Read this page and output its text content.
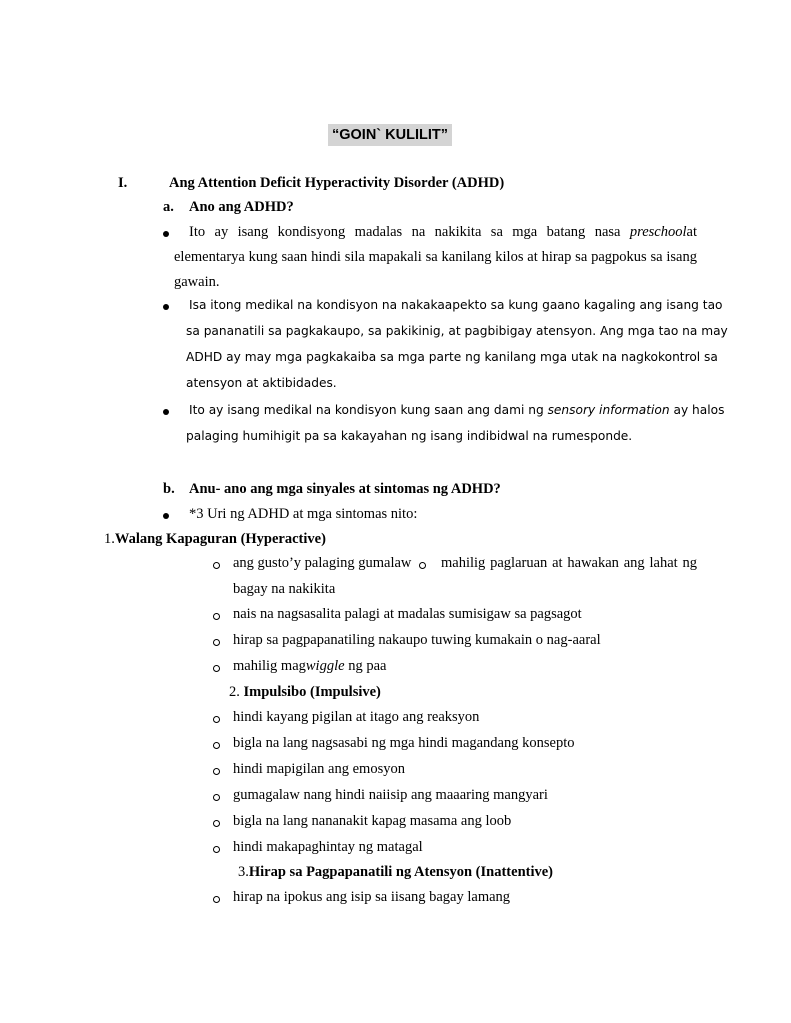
“GOIN` KULILIT”
I.	Ang Attention Deficit Hyperactivity Disorder (ADHD)
a. Ano ang ADHD?
Ito ay isang kondisyong madalas na nakikita sa mga batang nasa preschoolat
elementarya kung saan hindi sila mapakali sa kanilang kilos at hirap sa pagpokus sa isang
gawain.
Isa itong medikal na kondisyon na nakakaapekto sa kung gaano kagaling ang isang tao
sa pananatili sa pagkakaupo, sa pakikinig, at pagbibigay atensyon. Ang mga tao na may
ADHD ay may mga pagkakaiba sa mga parte ng kanilang mga utak na nagkokontrol sa
atensyon at aktibidades.
Ito ay isang medikal na kondisyon kung saan ang dami ng sensory information ay halos
palaging humihigit pa sa kakayahan ng isang indibidwal na rumesponde.
b. Anu- ano ang mga sinyales at sintomas ng ADHD?
*3 Uri ng ADHD at mga sintomas nito:
1.Walang Kapaguran (Hyperactive)
ang gusto’y palaging gumalaw mahilig paglaruan at hawakan ang lahat ng
bagay na nakikita
nais na nagsasalita palagi at madalas sumisigaw sa pagsagot
hirap sa pagpapanatiling nakaupo tuwing kumakain o nag-aaral
mahilig magwiggle ng paa
2. Impulsibo (Impulsive)
hindi kayang pigilan at itago ang reaksyon
bigla na lang nagsasabi ng mga hindi magandang konsepto
hindi mapigilan ang emosyon
gumagalaw nang hindi naiisip ang maaaring mangyari
bigla na lang nananakit kapag masama ang loob
hindi makapaghintay ng matagal
3.Hirap sa Pagpapanatili ng Atensyon (Inattentive)
hirap na ipokus ang isip sa iisang bagay lamang
